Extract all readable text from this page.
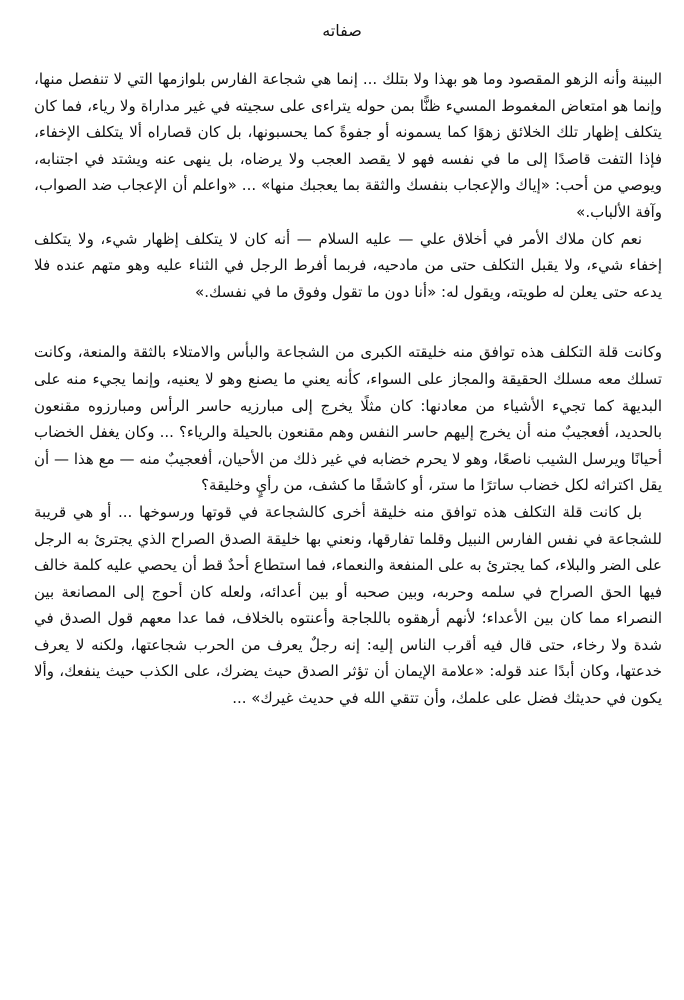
صفاته

البينة وأنه الزهو المقصود وما هو بهذا ولا بتلك ... إنما هي شجاعة الفارس بلوازمها التي لا تنفصل منها، وإنما هو امتعاض المغموط المسيء ظنًّا بمن حوله يتراءى على سجيته في غير مداراة ولا رياء، فما كان يتكلف إظهار تلك الخلائق زهوًا كما يسمونه أو جفوةً كما يحسبونها، بل كان قصاراه ألا يتكلف الإخفاء، فإذا التفت قاصدًا إلى ما في نفسه فهو لا يقصد العجب ولا يرضاه، بل ينهى عنه ويشتد في اجتنابه، ويوصي من أحب: «إياك والإعجاب بنفسك والثقة بما يعجبك منها» ... «واعلم أن الإعجاب ضد الصواب، وآفة الألباب.»

نعم كان ملاك الأمر في أخلاق علي — عليه السلام — أنه كان لا يتكلف إظهار شيء، ولا يتكلف إخفاء شيء، ولا يقبل التكلف حتى من مادحيه، فربما أفرط الرجل في الثناء عليه وهو متهم عنده فلا يدعه حتى يعلن له طويته، ويقول له: «أنا دون ما تقول وفوق ما في نفسك.»

وكانت قلة التكلف هذه توافق منه خليقته الكبرى من الشجاعة والبأس والامتلاء بالثقة والمنعة، وكانت تسلك معه مسلك الحقيقة والمجاز على السواء، كأنه يعني ما يصنع وهو لا يعنيه، وإنما يجيء منه على البديهة كما تجيء الأشياء من معادنها: كان مثلًا يخرج إلى مبارزيه حاسر الرأس ومبارزوه مقنعون بالحديد، أفعجيبٌ منه أن يخرج إليهم حاسر النفس وهم مقنعون بالحيلة والرياء؟ ... وكان يغفل الخضاب أحيانًا ويرسل الشيب ناصعًا، وهو لا يحرم خضابه في غير ذلك من الأحيان، أفعجيبٌ منه — مع هذا — أن يقل اكتراثه لكل خضاب ساترًا ما ستر، أو كاشفًا ما كشف، من رأيٍ وخليقة؟

بل كانت قلة التكلف هذه توافق منه خليقة أخرى كالشجاعة في قوتها ورسوخها ... أو هي قريبة للشجاعة في نفس الفارس النبيل وقلما تفارقها، ونعني بها خليقة الصدق الصراح الذي يجترئ به الرجل على الضر والبلاء، كما يجترئ به على المنفعة والنعماء، فما استطاع أحدٌ قط أن يحصي عليه كلمة خالف فيها الحق الصراح في سلمه وحربه، وبين صحبه أو بين أعدائه، ولعله كان أحوج إلى المصانعة بين النصراء مما كان بين الأعداء؛ لأنهم أرهقوه باللجاجة وأعنتوه بالخلاف، فما عدا معهم قول الصدق في شدة ولا رخاء، حتى قال فيه أقرب الناس إليه: إنه رجلٌ يعرف من الحرب شجاعتها، ولكنه لا يعرف خدعتها، وكان أبدًا عند قوله: «علامة الإيمان أن تؤثر الصدق حيث يضرك، على الكذب حيث ينفعك، وألا يكون في حديثك فضل على علمك، وأن تتقي الله في حديث غيرك» ...
